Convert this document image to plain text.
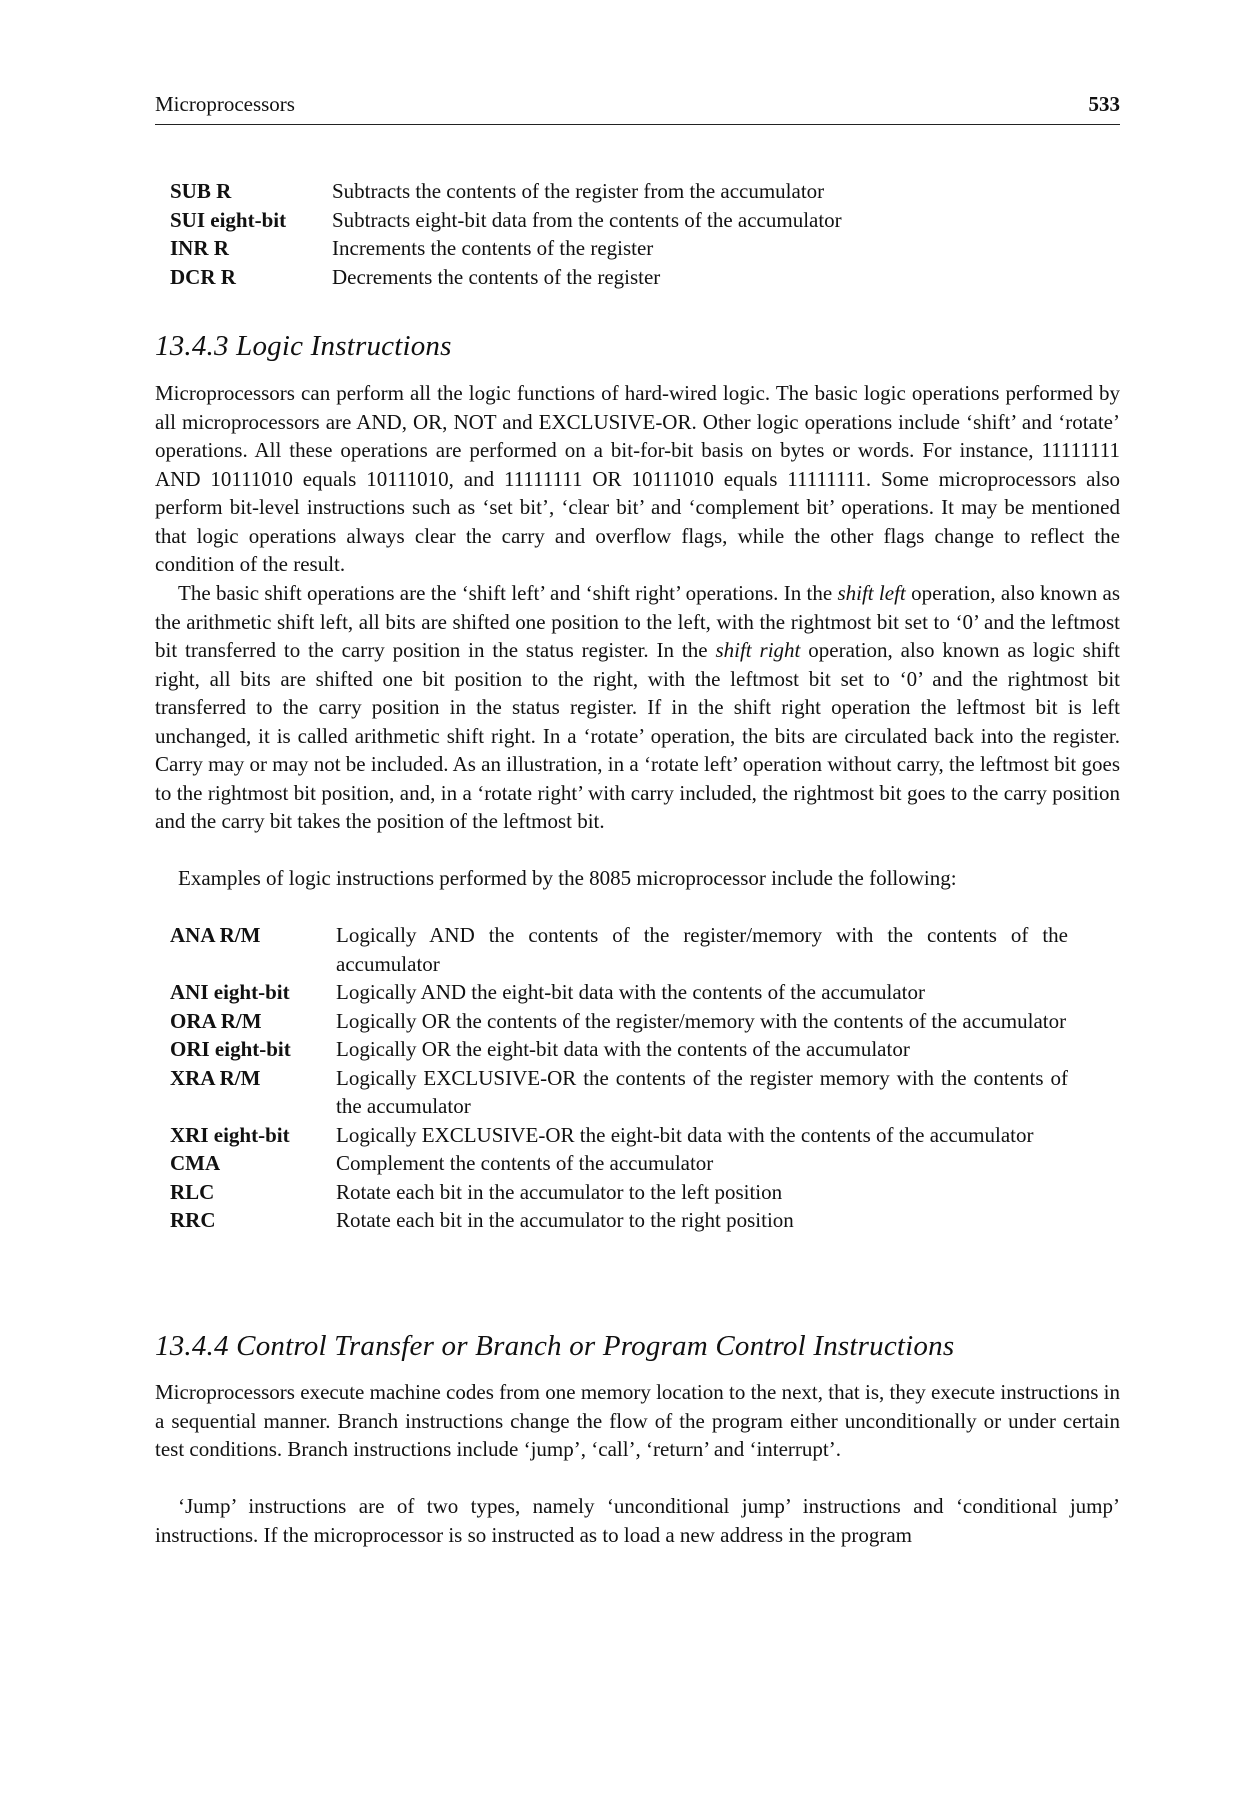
Microprocessors	533
SUB R	Subtracts the contents of the register from the accumulator
SUI eight-bit	Subtracts eight-bit data from the contents of the accumulator
INR R	Increments the contents of the register
DCR R	Decrements the contents of the register
13.4.3 Logic Instructions

Microprocessors can perform all the logic functions of hard-wired logic. The basic logic operations performed by all microprocessors are AND, OR, NOT and EXCLUSIVE-OR. Other logic operations include ‘shift’ and ‘rotate’ operations. All these operations are performed on a bit-for-bit basis on bytes or words. For instance, 11111111 AND 10111010 equals 10111010, and 11111111 OR 10111010 equals 11111111. Some microprocessors also perform bit-level instructions such as ‘set bit’, ‘clear bit’ and ‘complement bit’ operations. It may be mentioned that logic operations always clear the carry and overflow flags, while the other flags change to reflect the condition of the result.

The basic shift operations are the ‘shift left’ and ‘shift right’ operations. In the shift left operation, also known as the arithmetic shift left, all bits are shifted one position to the left, with the rightmost bit set to ‘0’ and the leftmost bit transferred to the carry position in the status register. In the shift right operation, also known as logic shift right, all bits are shifted one bit position to the right, with the leftmost bit set to ‘0’ and the rightmost bit transferred to the carry position in the status register. If in the shift right operation the leftmost bit is left unchanged, it is called arithmetic shift right. In a ‘rotate’ operation, the bits are circulated back into the register. Carry may or may not be included. As an illustration, in a ‘rotate left’ operation without carry, the leftmost bit goes to the rightmost bit position, and, in a ‘rotate right’ with carry included, the rightmost bit goes to the carry position and the carry bit takes the position of the leftmost bit.

Examples of logic instructions performed by the 8085 microprocessor include the following:

ANA R/M	Logically AND the contents of the register/memory with the contents of the accumulator
ANI eight-bit	Logically AND the eight-bit data with the contents of the accumulator
ORA R/M	Logically OR the contents of the register/memory with the contents of the accumulator
ORI eight-bit	Logically OR the eight-bit data with the contents of the accumulator
XRA R/M	Logically EXCLUSIVE-OR the contents of the register memory with the contents of the accumulator
XRI eight-bit	Logically EXCLUSIVE-OR the eight-bit data with the contents of the accumulator
CMA	Complement the contents of the accumulator
RLC	Rotate each bit in the accumulator to the left position
RRC	Rotate each bit in the accumulator to the right position
13.4.4 Control Transfer or Branch or Program Control Instructions

Microprocessors execute machine codes from one memory location to the next, that is, they execute instructions in a sequential manner. Branch instructions change the flow of the program either unconditionally or under certain test conditions. Branch instructions include ‘jump’, ‘call’, ‘return’ and ‘interrupt’.

‘Jump’ instructions are of two types, namely ‘unconditional jump’ instructions and ‘conditional jump’ instructions. If the microprocessor is so instructed as to load a new address in the program
